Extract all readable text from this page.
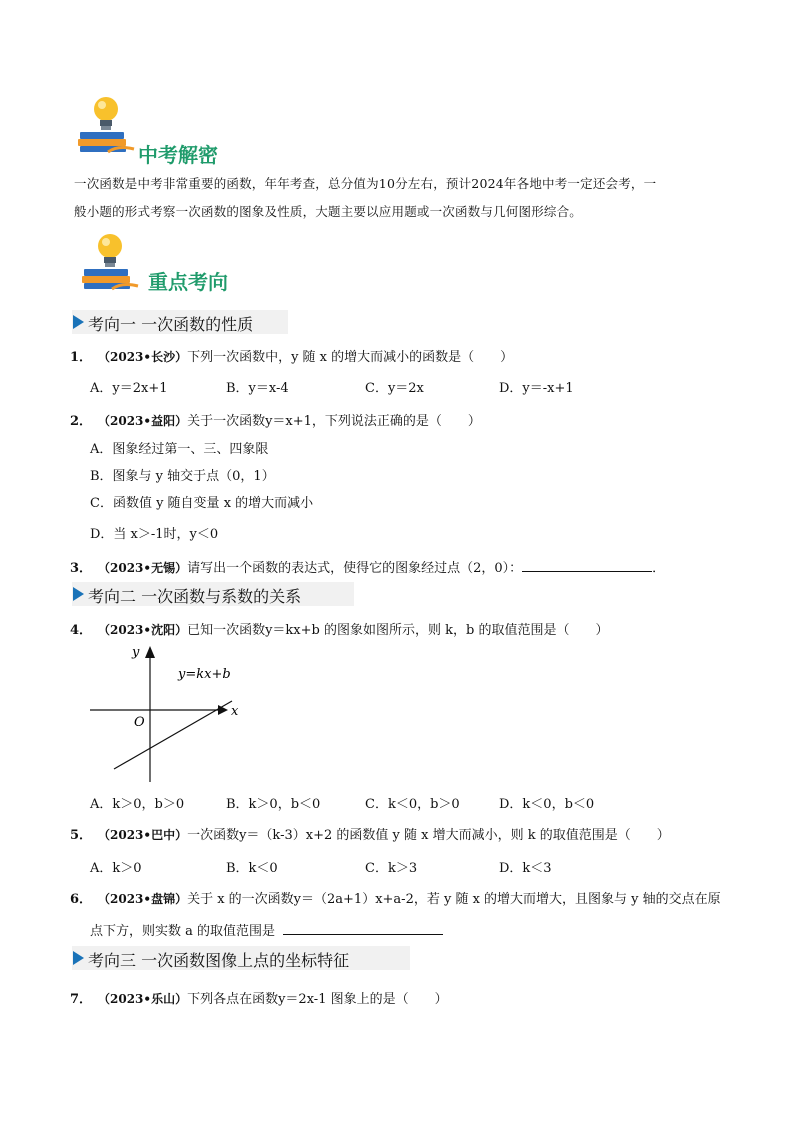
中考解密
一次函数是中考非常重要的函数，年年考查，总分值为10分左右，预计2024年各地中考一定还会考，一
般小题的形式考察一次函数的图象及性质，大题主要以应用题或一次函数与几何图形综合。
重点考向
考向一 一次函数的性质
1． （2023•长沙）下列一次函数中，y 随 x 的增大而减小的函数是（　　）
A．y＝2x+1	B．y＝x-4	C．y＝2x	D．y＝-x+1
2． （2023•益阳）关于一次函数y＝x+1，下列说法正确的是（　　）
A．图象经过第一、三、四象限
B．图象与 y 轴交于点（0，1）
C．函数值 y 随自变量 x 的增大而减小
D．当 x＞-1时，y＜0
3． （2023•无锡）请写出一个函数的表达式，使得它的图象经过点（2，0）：	．
考向二 一次函数与系数的关系
4． （2023•沈阳）已知一次函数y＝kx+b 的图象如图所示，则 k，b 的取值范围是（　　）
y
y=kx+b
x
O
A．k＞0，b＞0	B．k＞0，b＜0	C．k＜0，b＞0	D．k＜0，b＜0
5． （2023•巴中）一次函数y＝（k-3）x+2 的函数值 y 随 x 增大而减小，则 k 的取值范围是（　　）
A．k＞0	B．k＜0	C．k＞3	D．k＜3
6． （2023•盘锦）关于 x 的一次函数y＝（2a+1）x+a-2，若 y 随 x 的增大而增大，且图象与 y 轴的交点在原
点下方，则实数 a 的取值范围是
考向三 一次函数图像上点的坐标特征
7． （2023•乐山）下列各点在函数y＝2x-1 图象上的是（　　）
